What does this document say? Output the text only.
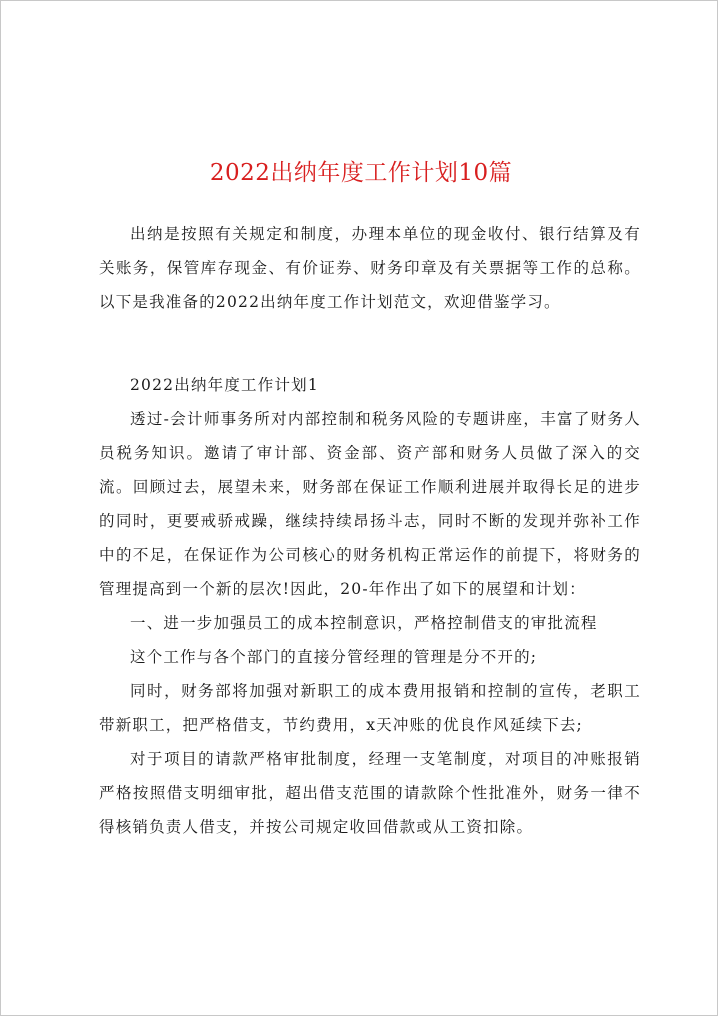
2022出纳年度工作计划10篇

出纳是按照有关规定和制度，办理本单位的现金收付、银行结算及有关账务，保管库存现金、有价证券、财务印章及有关票据等工作的总称。以下是我准备的2022出纳年度工作计划范文，欢迎借鉴学习。

2022出纳年度工作计划1

透过-会计师事务所对内部控制和税务风险的专题讲座，丰富了财务人员税务知识。邀请了审计部、资金部、资产部和财务人员做了深入的交流。回顾过去，展望未来，财务部在保证工作顺利进展并取得长足的进步的同时，更要戒骄戒躁，继续持续昂扬斗志，同时不断的发现并弥补工作中的不足，在保证作为公司核心的财务机构正常运作的前提下，将财务的管理提高到一个新的层次!因此，20-年作出了如下的展望和计划：

一、进一步加强员工的成本控制意识，严格控制借支的审批流程

这个工作与各个部门的直接分管经理的管理是分不开的;

同时，财务部将加强对新职工的成本费用报销和控制的宣传，老职工带新职工，把严格借支，节约费用，x天冲账的优良作风延续下去;

对于项目的请款严格审批制度，经理一支笔制度，对项目的冲账报销严格按照借支明细审批，超出借支范围的请款除个性批准外，财务一律不得核销负责人借支，并按公司规定收回借款或从工资扣除。
